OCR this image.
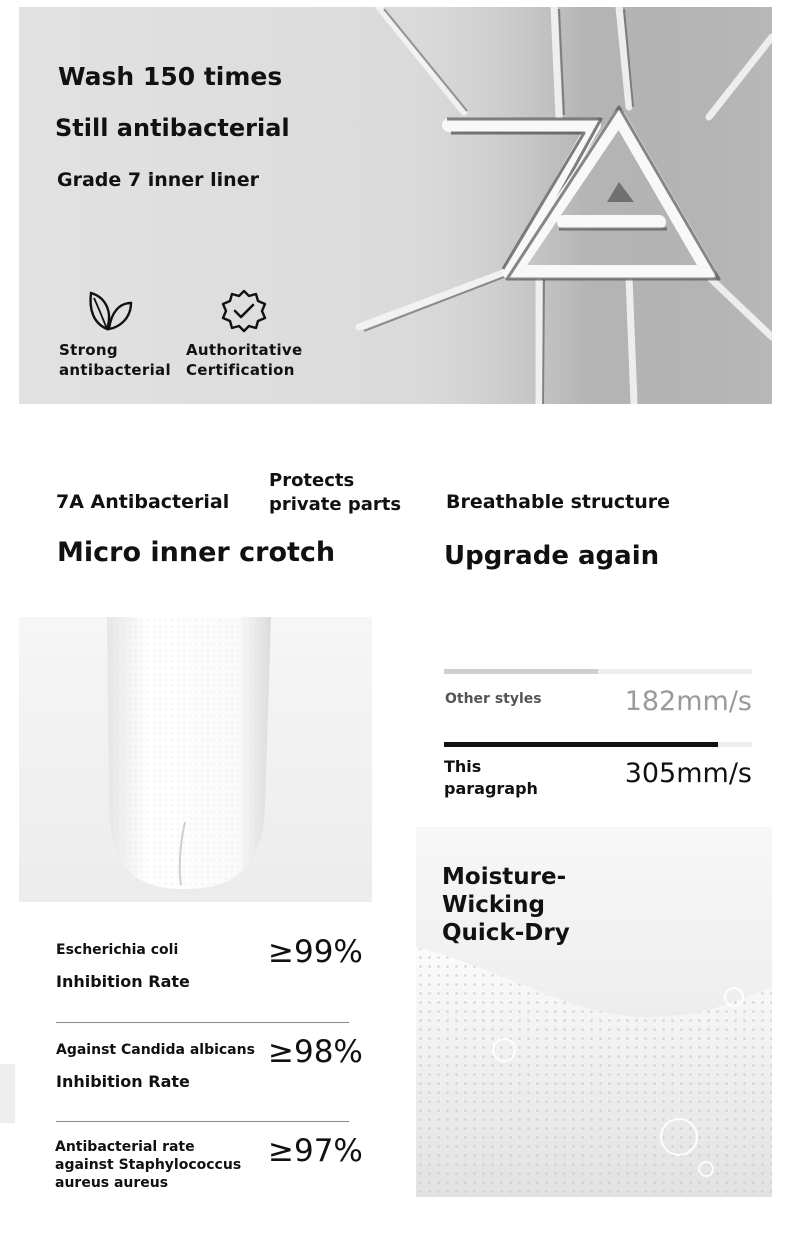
Wash 150 times

Still antibacterial

Grade 7 inner liner

Strong
antibacterial
Authoritative
Certification
7A Antibacterial
Protects
private parts
Micro inner crotch
Breathable structure
Upgrade again
Other styles	182mm/s
This
paragraph	305mm/s
Escherichia coli
Inhibition Rate
≥99%
Against Candida albicans
Inhibition Rate
≥98%
Antibacterial rate
against Staphylococcus
aureus aureus
≥97%
Moisture-
Wicking
Quick-Dry
